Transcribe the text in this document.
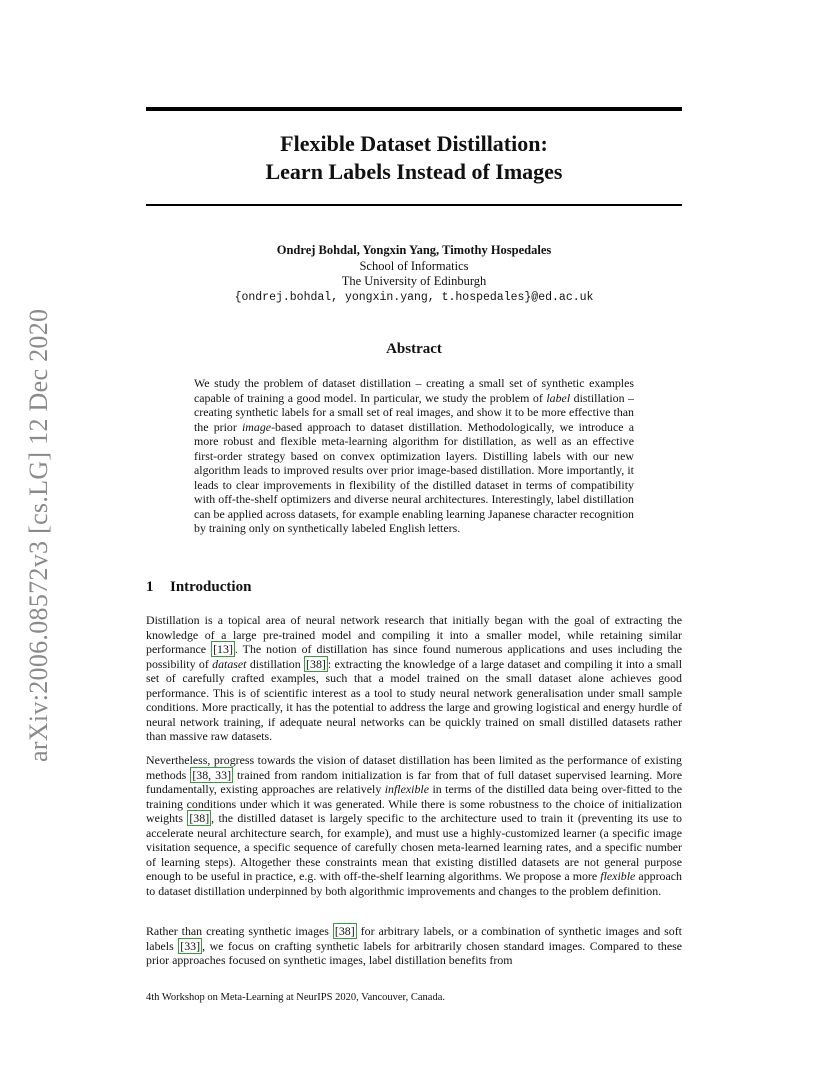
arXiv:2006.08572v3 [cs.LG] 12 Dec 2020
Flexible Dataset Distillation:
Learn Labels Instead of Images
Ondrej Bohdal, Yongxin Yang, Timothy Hospedales
School of Informatics
The University of Edinburgh
{ondrej.bohdal, yongxin.yang, t.hospedales}@ed.ac.uk
Abstract

We study the problem of dataset distillation – creating a small set of synthetic examples capable of training a good model. In particular, we study the problem of label distillation – creating synthetic labels for a small set of real images, and show it to be more effective than the prior image-based approach to dataset distillation. Methodologically, we introduce a more robust and flexible meta-learning algorithm for distillation, as well as an effective first-order strategy based on convex optimization layers. Distilling labels with our new algorithm leads to improved results over prior image-based distillation. More importantly, it leads to clear improvements in flexibility of the distilled dataset in terms of compatibility with off-the-shelf optimizers and diverse neural architectures. Interestingly, label distillation can be applied across datasets, for example enabling learning Japanese character recognition by training only on synthetically labeled English letters.

1 Introduction

Distillation is a topical area of neural network research that initially began with the goal of extracting the knowledge of a large pre-trained model and compiling it into a smaller model, while retaining similar performance [13] . The notion of distillation has since found numerous applications and uses including the possibility of dataset distillation [38] : extracting the knowledge of a large dataset and compiling it into a small set of carefully crafted examples, such that a model trained on the small dataset alone achieves good performance. This is of scientific interest as a tool to study neural network generalisation under small sample conditions. More practically, it has the potential to address the large and growing logistical and energy hurdle of neural network training, if adequate neural networks can be quickly trained on small distilled datasets rather than massive raw datasets.

Nevertheless, progress towards the vision of dataset distillation has been limited as the performance of existing methods [38, 33] trained from random initialization is far from that of full dataset supervised learning. More fundamentally, existing approaches are relatively inflexible in terms of the distilled data being over-fitted to the training conditions under which it was generated. While there is some robustness to the choice of initialization weights [38] , the distilled dataset is largely specific to the architecture used to train it (preventing its use to accelerate neural architecture search, for example), and must use a highly-customized learner (a specific image visitation sequence, a specific sequence of carefully chosen meta-learned learning rates, and a specific number of learning steps). Altogether these constraints mean that existing distilled datasets are not general purpose enough to be useful in practice, e.g. with off-the-shelf learning algorithms. We propose a more flexible approach to dataset distillation underpinned by both algorithmic improvements and changes to the problem definition.

Rather than creating synthetic images [38] for arbitrary labels, or a combination of synthetic images and soft labels [33] , we focus on crafting synthetic labels for arbitrarily chosen standard images. Compared to these prior approaches focused on synthetic images, label distillation benefits from

4th Workshop on Meta-Learning at NeurIPS 2020, Vancouver, Canada.
